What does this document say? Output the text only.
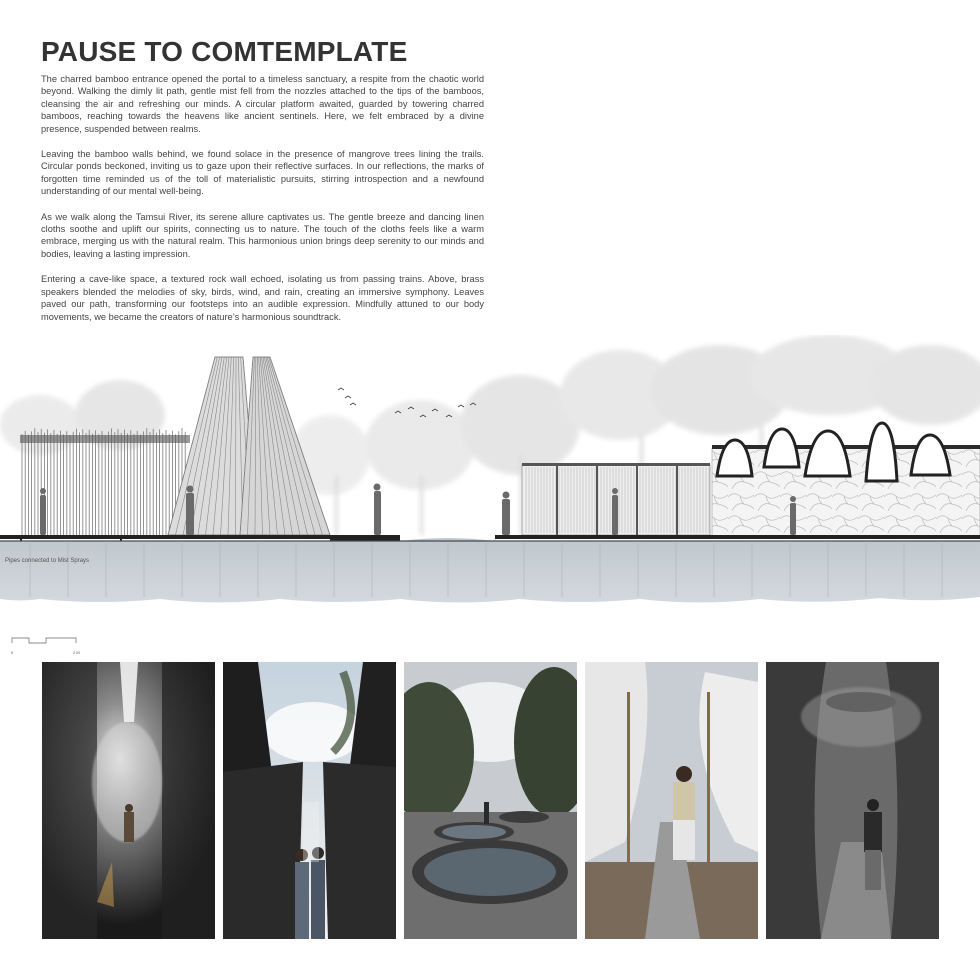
PAUSE TO COMTEMPLATE

The charred bamboo entrance opened the portal to a timeless sanctuary, a respite from the chaotic world beyond. Walking the dimly lit path, gentle mist fell from the nozzles attached to the tips of the bamboos, cleansing the air and refreshing our minds. A circular platform awaited, guarded by towering charred bamboos, reaching towards the heavens like ancient sentinels. Here, we felt embraced by a divine presence, suspended between realms.

Leaving the bamboo walls behind, we found solace in the presence of mangrove trees lining the trails. Circular ponds beckoned, inviting us to gaze upon their reflective surfaces. In our reflections, the marks of forgotten time reminded us of the toll of materialistic pursuits, stirring introspection and a newfound understanding of our mental well-being.

As we walk along the Tamsui River, its serene allure captivates us. The gentle breeze and dancing linen cloths soothe and uplift our spirits, connecting us to nature. The touch of the cloths feels like a warm embrace, merging us with the natural realm. This harmonious union brings deep serenity to our minds and bodies, leaving a lasting impression.

Entering a cave-like space, a textured rock wall echoed, isolating us from passing trains. Above, brass speakers blended the melodies of sky, birds, wind, and rain, creating an immersive symphony. Leaves paved our path, transforming our footsteps into an audible expression. Mindfully attuned to our body movements, we became the creators of nature’s harmonious soundtrack.

Pipes connected to Mist Sprays
0	2 M
